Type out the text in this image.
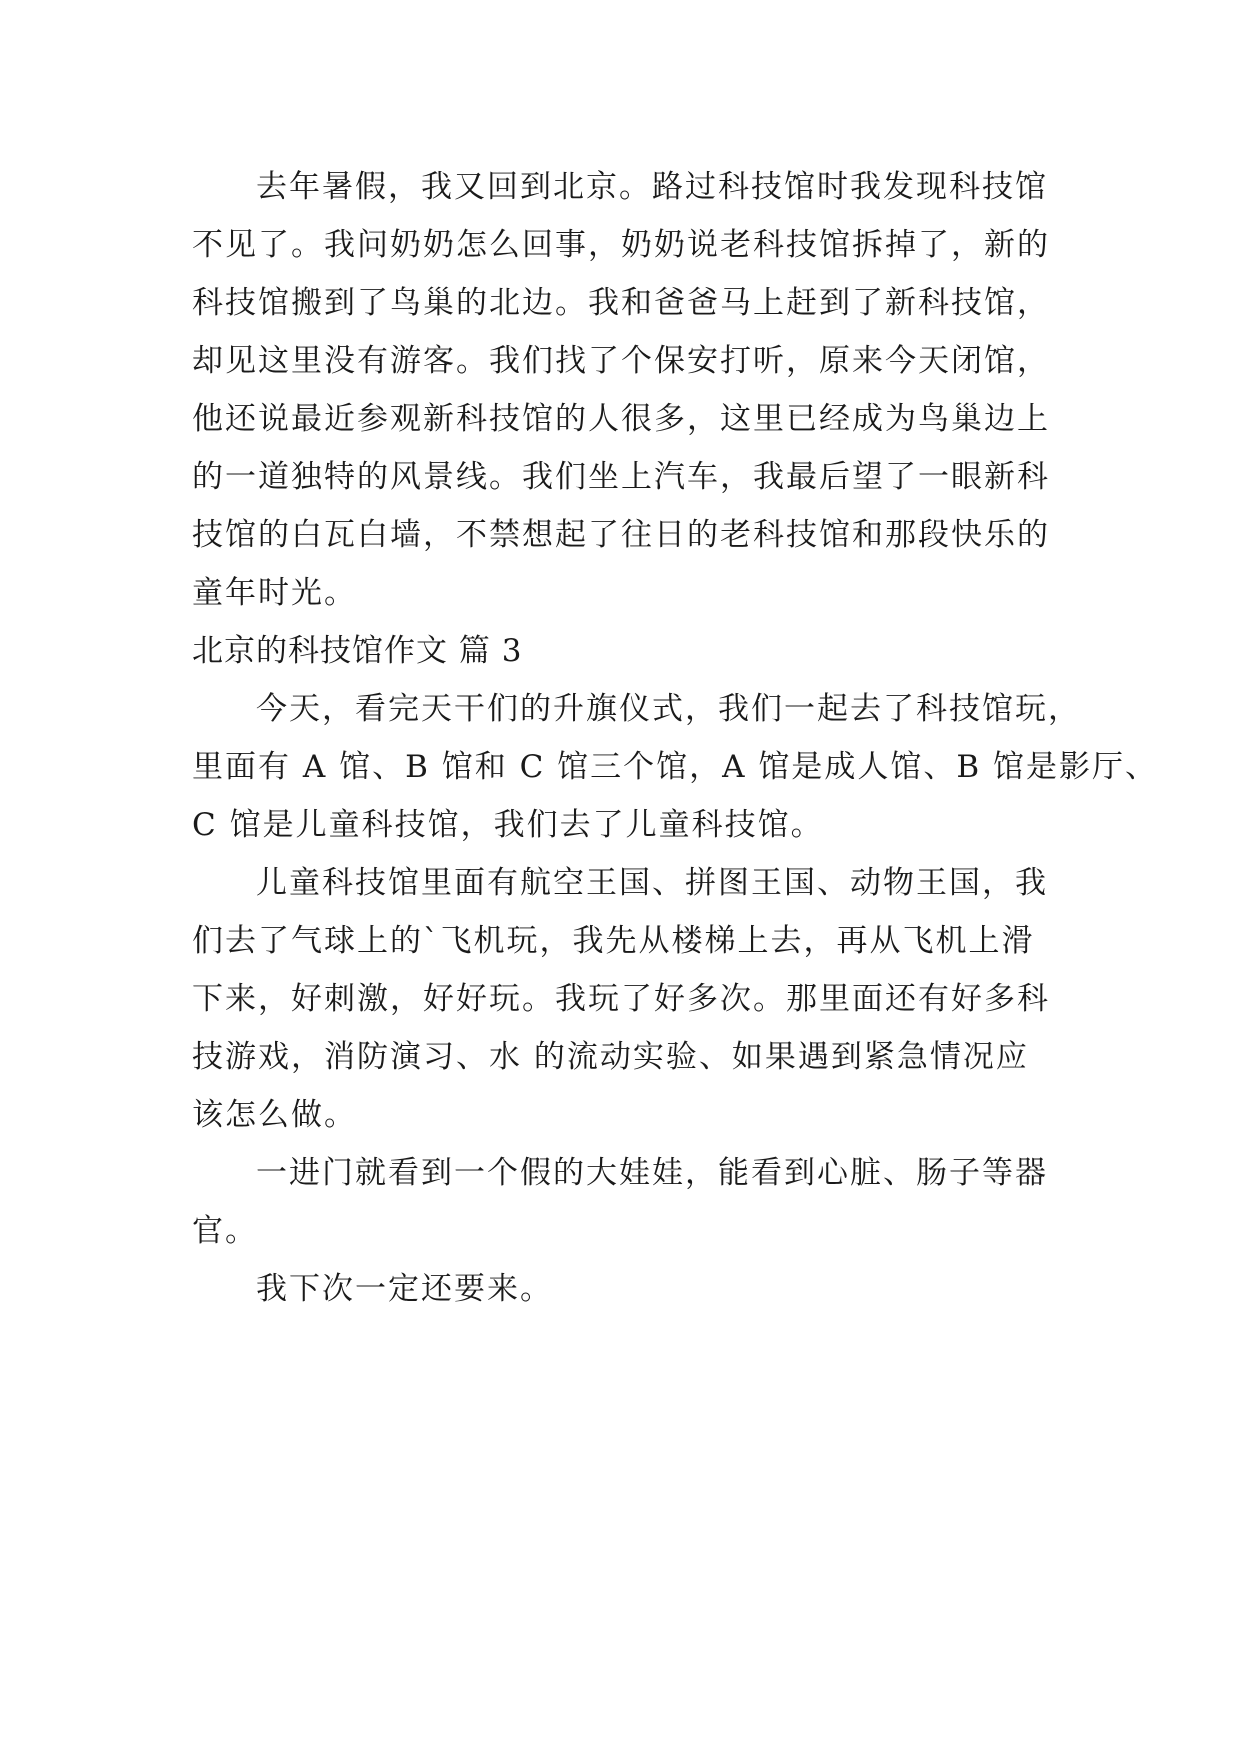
去年暑假，我又回到北京。路过科技馆时我发现科技馆
不见了。我问奶奶怎么回事，奶奶说老科技馆拆掉了，新的
科技馆搬到了鸟巢的北边。我和爸爸马上赶到了新科技馆，
却见这里没有游客。我们找了个保安打听，原来今天闭馆，
他还说最近参观新科技馆的人很多，这里已经成为鸟巢边上
的一道独特的风景线。我们坐上汽车，我最后望了一眼新科
技馆的白瓦白墙，不禁想起了往日的老科技馆和那段快乐的
童年时光。
北京的科技馆作文 篇 3
今天，看完天干们的升旗仪式，我们一起去了科技馆玩，
里面有 A 馆、B 馆和 C 馆三个馆，A 馆是成人馆、B 馆是影厅、
C 馆是儿童科技馆，我们去了儿童科技馆。
儿童科技馆里面有航空王国、拼图王国、动物王国，我
们去了气球上的`飞机玩，我先从楼梯上去，再从飞机上滑
下来，好刺激，好好玩。我玩了好多次。那里面还有好多科
技游戏，消防演习、水 的流动实验、如果遇到紧急情况应
该怎么做。
一进门就看到一个假的大娃娃，能看到心脏、肠子等器
官。
我下次一定还要来。
